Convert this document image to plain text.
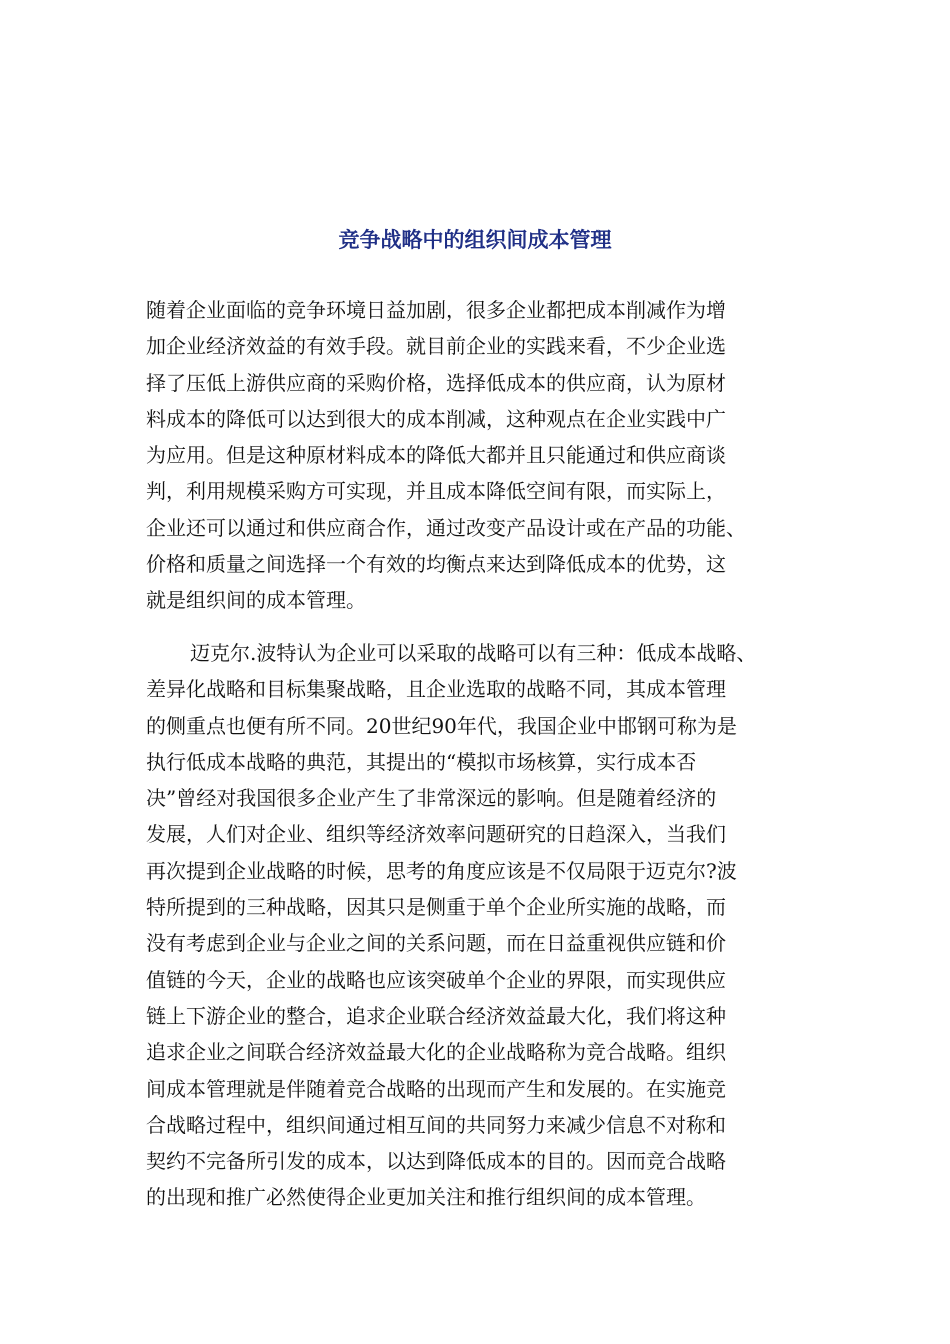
竞争战略中的组织间成本管理

随着企业面临的竞争环境日益加剧，很多企业都把成本削减作为增
加企业经济效益的有效手段。就目前企业的实践来看，不少企业选
择了压低上游供应商的采购价格，选择低成本的供应商，认为原材
料成本的降低可以达到很大的成本削减，这种观点在企业实践中广
为应用。但是这种原材料成本的降低大都并且只能通过和供应商谈
判，利用规模采购方可实现，并且成本降低空间有限，而实际上，
企业还可以通过和供应商合作，通过改变产品设计或在产品的功能、
价格和质量之间选择一个有效的均衡点来达到降低成本的优势，这
就是组织间的成本管理。

迈克尔.波特认为企业可以采取的战略可以有三种：低成本战略、
差异化战略和目标集聚战略，且企业选取的战略不同，其成本管理
的侧重点也便有所不同。20世纪90年代，我国企业中邯钢可称为是
执行低成本战略的典范，其提出的“模拟市场核算，实行成本否
决”曾经对我国很多企业产生了非常深远的影响。但是随着经济的
发展，人们对企业、组织等经济效率问题研究的日趋深入，当我们
再次提到企业战略的时候，思考的角度应该是不仅局限于迈克尔?波
特所提到的三种战略，因其只是侧重于单个企业所实施的战略，而
没有考虑到企业与企业之间的关系问题，而在日益重视供应链和价
值链的今天，企业的战略也应该突破单个企业的界限，而实现供应
链上下游企业的整合，追求企业联合经济效益最大化，我们将这种
追求企业之间联合经济效益最大化的企业战略称为竞合战略。组织
间成本管理就是伴随着竞合战略的出现而产生和发展的。在实施竞
合战略过程中，组织间通过相互间的共同努力来减少信息不对称和
契约不完备所引发的成本，以达到降低成本的目的。因而竞合战略
的出现和推广必然使得企业更加关注和推行组织间的成本管理。
